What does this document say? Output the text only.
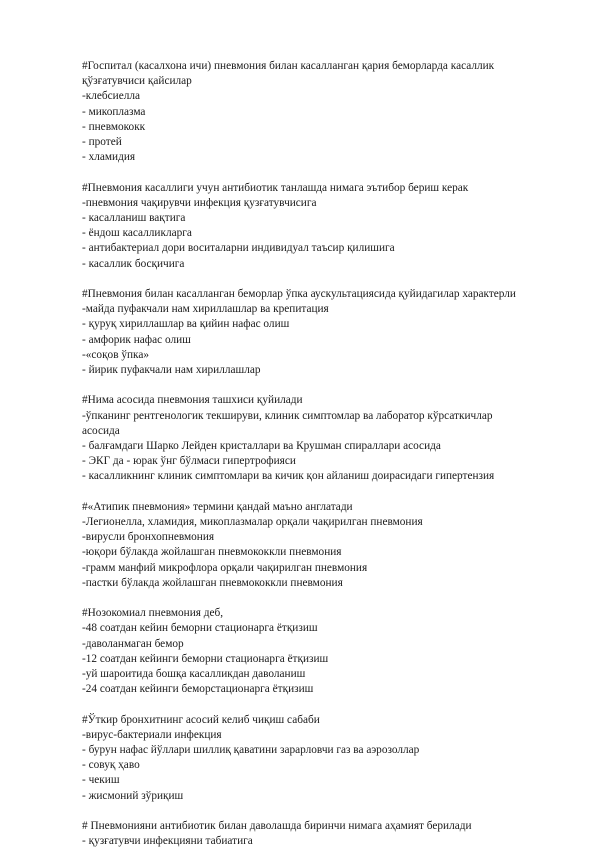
#Госпитал (касалхона ичи) пневмония билан касалланган қария беморларда касаллик
қўзғатувчиси қайсилар
-клебсиелла
- микоплазма
- пневмококк
- протей
- хламидия
#Пневмония касаллиги учун антибиотик танлашда нимага эътибор бериш керак
-пневмония чақирувчи инфекция қузғатувчисига
- касалланиш вақтига
- ёндош касалликларга
- антибактериал дори воситаларни индивидуал таъсир қилишига
- касаллик босқичига
#Пневмония билан касалланган беморлар ўпка аускультациясида қуйидагилар характерли
-майда пуфакчали нам хириллашлар ва крепитация
- қуруқ хириллашлар ва қийин нафас олиш
- амфорик нафас олиш
-«соқов ўпка»
- йирик пуфакчали нам хириллашлар
#Нима асосида пневмония ташхиси қуйилади
-ўпканинг рентгенологик текшируви, клиник симптомлар ва лаборатор кўрсаткичлар
асосида
- балғамдаги Шарко Лейден кристаллари ва Крушман спираллари асосида
- ЭКГ да - юрак ўнг бўлмаси гипертрофияси
- касалликнинг клиник симптомлари ва кичик қон айланиш доирасидаги гипертензия
#«Атипик пневмония» термини қандай маъно англатади
-Легионелла, хламидия, микоплазмалар орқали чақирилган пневмония
-вирусли бронхопневмония
-юқори бўлакда жойлашган пневмококкли пневмония
-грамм манфий микрофлора орқали чақирилган пневмония
-пастки бўлакда жойлашган пневмококкли пневмония
#Нозокомиал пневмония деб,
-48 соатдан кейин беморни стационарга ётқизиш
-даволанмаган бемор
-12 соатдан кейинги беморни стационарга ётқизиш
-уй шароитида бошқа касалликдан даволаниш
-24 соатдан кейинги беморстационарга ётқизиш
#Ўткир бронхитнинг асосий келиб чиқиш сабаби
-вирус-бактериали инфекция
- бурун нафас йўллари шиллиқ қаватини зарарловчи газ ва аэрозоллар
- совуқ ҳаво
- чекиш
- жисмоний зўриқиш
# Пневмонияни антибиотик билан даволашда биринчи нимага аҳамият берилади
- қузғатувчи инфекцияни табиатига
